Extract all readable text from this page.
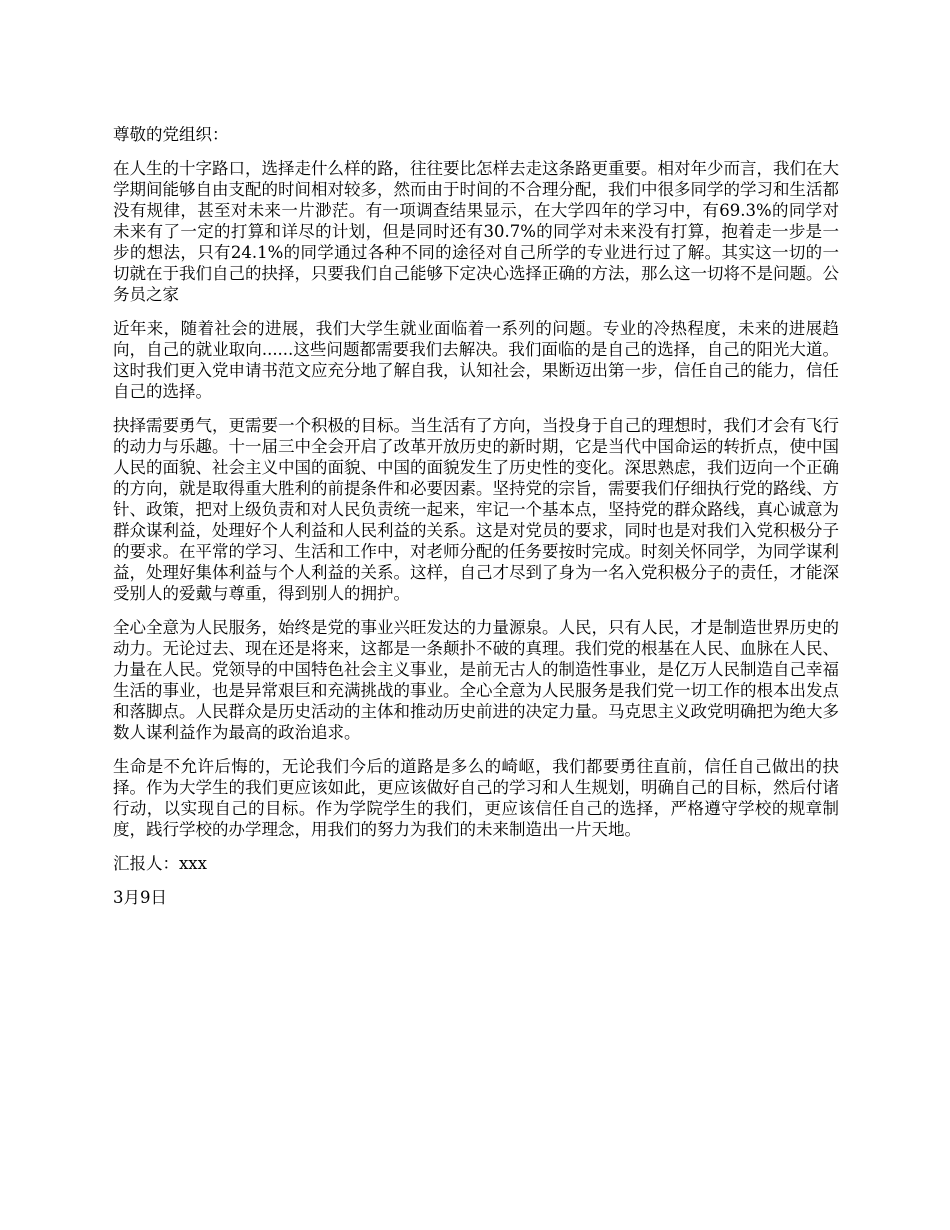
尊敬的党组织：

在人生的十字路口，选择走什么样的路，往往要比怎样去走这条路更重要。相对年少而言，我们在大学期间能够自由支配的时间相对较多，然而由于时间的不合理分配，我们中很多同学的学习和生活都没有规律，甚至对未来一片渺茫。有一项调查结果显示，在大学四年的学习中，有69.3%的同学对未来有了一定的打算和详尽的计划，但是同时还有30.7%的同学对未来没有打算，抱着走一步是一步的想法，只有24.1%的同学通过各种不同的途径对自己所学的专业进行过了解。其实这一切的一切就在于我们自己的抉择，只要我们自己能够下定决心选择正确的方法，那么这一切将不是问题。公务员之家

近年来，随着社会的进展，我们大学生就业面临着一系列的问题。专业的冷热程度，未来的进展趋向，自己的就业取向......这些问题都需要我们去解决。我们面临的是自己的选择，自己的阳光大道。这时我们更入党申请书范文应充分地了解自我，认知社会，果断迈出第一步，信任自己的能力，信任自己的选择。

抉择需要勇气，更需要一个积极的目标。当生活有了方向，当投身于自己的理想时，我们才会有飞行的动力与乐趣。十一届三中全会开启了改革开放历史的新时期，它是当代中国命运的转折点，使中国人民的面貌、社会主义中国的面貌、中国的面貌发生了历史性的变化。深思熟虑，我们迈向一个正确的方向，就是取得重大胜利的前提条件和必要因素。坚持党的宗旨，需要我们仔细执行党的路线、方针、政策，把对上级负责和对人民负责统一起来，牢记一个基本点，坚持党的群众路线，真心诚意为群众谋利益，处理好个人利益和人民利益的关系。这是对党员的要求，同时也是对我们入党积极分子的要求。在平常的学习、生活和工作中，对老师分配的任务要按时完成。时刻关怀同学，为同学谋利益，处理好集体利益与个人利益的关系。这样，自己才尽到了身为一名入党积极分子的责任，才能深受别人的爱戴与尊重，得到别人的拥护。

全心全意为人民服务，始终是党的事业兴旺发达的力量源泉。人民，只有人民，才是制造世界历史的动力。无论过去、现在还是将来，这都是一条颠扑不破的真理。我们党的根基在人民、血脉在人民、力量在人民。党领导的中国特色社会主义事业，是前无古人的制造性事业，是亿万人民制造自己幸福生活的事业，也是异常艰巨和充满挑战的事业。全心全意为人民服务是我们党一切工作的根本出发点和落脚点。人民群众是历史活动的主体和推动历史前进的决定力量。马克思主义政党明确把为绝大多数人谋利益作为最高的政治追求。

生命是不允许后悔的，无论我们今后的道路是多么的崎岖，我们都要勇往直前，信任自己做出的抉择。作为大学生的我们更应该如此，更应该做好自己的学习和人生规划，明确自己的目标，然后付诸行动，以实现自己的目标。作为学院学生的我们，更应该信任自己的选择，严格遵守学校的规章制度，践行学校的办学理念，用我们的努力为我们的未来制造出一片天地。

汇报人：xxx

3月9日
